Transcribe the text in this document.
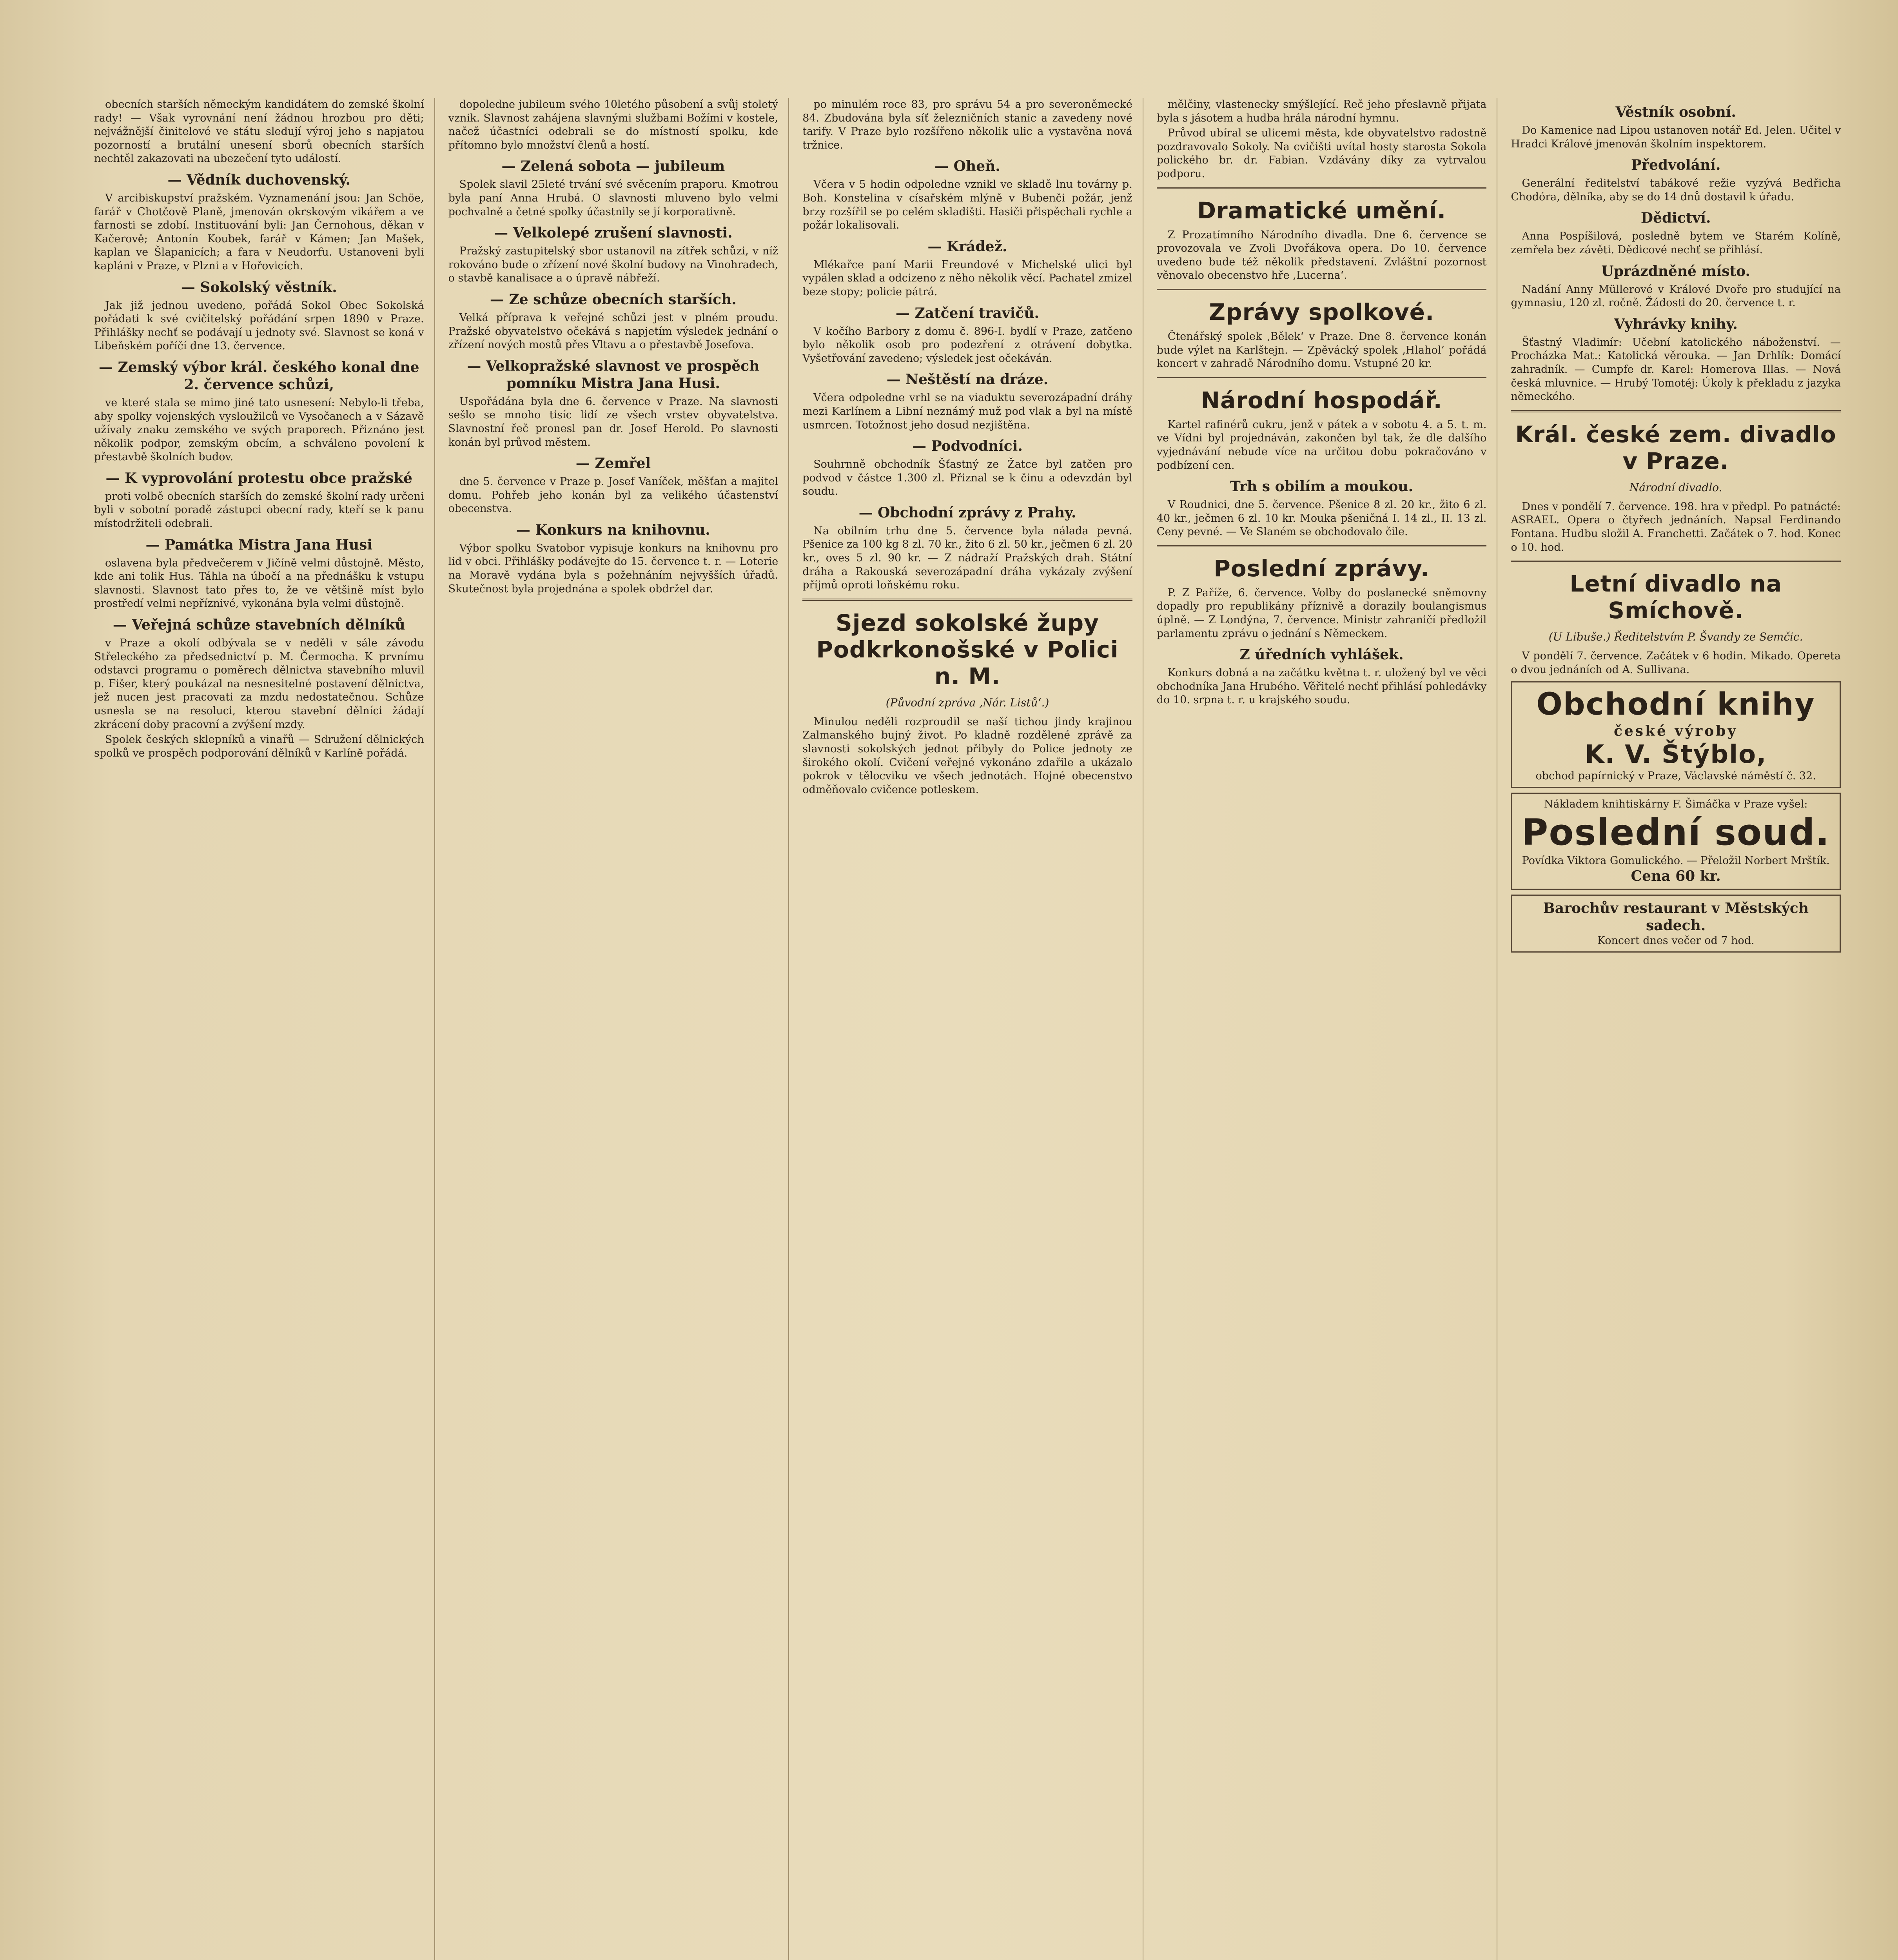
obecních starších německým kandidátem do zemské školní rady! — Však vyrovnání není žádnou hrozbou pro děti; nejvážnější činitelové ve státu sledují výroj jeho s napjatou pozorností a brutální unesení sborů obecních starších nechtěl zakazovati na ubezečení tyto událostí.

— Vědník duchovenský.

V arcibiskupství pražském. Vyznamenání jsou: Jan Schöe, farář v Chotčově Planě, jmenován okrskovým vikářem a ve farnosti se zdobí. Instituování byli: Jan Černohous, děkan v Kačerově; Antonín Koubek, farář v Kámen; Jan Mašek, kaplan ve Šlapanicích; a fara v Neudorfu. Ustanoveni byli kapláni v Praze, v Plzni a v Hořovicích.

— Sokolský věstník.

Jak již jednou uvedeno, pořádá Sokol Obec Sokolská pořádati k své cvičitelský pořádání srpen 1890 v Praze. Přihlášky nechť se podávají u jednoty své. Slavnost se koná v Libeňském poříčí dne 13. července.

— Zemský výbor král. českého konal dne 2. července schůzi,

ve které stala se mimo jiné tato usnesení: Nebylo-li třeba, aby spolky vojenských vysloužilců ve Vysočanech a v Sázavě užívaly znaku zemského ve svých praporech. Přiznáno jest několik podpor, zemským obcím, a schváleno povolení k přestavbě školních budov.

— K vyprovolání protestu obce pražské

proti volbě obecních starších do zemské školní rady určeni byli v sobotní poradě zástupci obecní rady, kteří se k panu místodržiteli odebrali.

— Památka Mistra Jana Husi

oslavena byla předvečerem v Jičíně velmi důstojně. Město, kde ani tolik Hus. Táhla na úbočí a na přednášku k vstupu slavnosti. Slavnost tato přes to, že ve většině míst bylo prostředí velmi nepříznivé, vykonána byla velmi důstojně.

— Veřejná schůze stavebních dělníků

v Praze a okolí odbývala se v neděli v sále závodu Střeleckého za předsednictví p. M. Čermocha. K prvnímu odstavci programu o poměrech dělnictva stavebního mluvil p. Fišer, který poukázal na nesnesitelné postavení dělnictva, jež nucen jest pracovati za mzdu nedostatečnou. Schůze usnesla se na resoluci, kterou stavební dělníci žádají zkrácení doby pracovní a zvýšení mzdy.

Spolek českých sklepníků a vinařů — Sdružení dělnických spolků ve prospěch podporování dělníků v Karlíně pořádá.

dopoledne jubileum svého 10letého působení a svůj stoletý vznik. Slavnost zahájena slavnými službami Božími v kostele, načež účastníci odebrali se do místností spolku, kde přítomno bylo množství členů a hostí.

— Zelená sobota — jubileum

Spolek slavil 25leté trvání své svěcením praporu. Kmotrou byla paní Anna Hrubá. O slavnosti mluveno bylo velmi pochvalně a četné spolky účastnily se jí korporativně.

— Velkolepé zrušení slavnosti.

Pražský zastupitelský sbor ustanovil na zítřek schůzi, v níž rokováno bude o zřízení nové školní budovy na Vinohradech, o stavbě kanalisace a o úpravě nábřeží.

— Ze schůze obecních starších.

Velká příprava k veřejné schůzi jest v plném proudu. Pražské obyvatelstvo očekává s napjetím výsledek jednání o zřízení nových mostů přes Vltavu a o přestavbě Josefova.

— Velkopražské slavnost ve prospěch pomníku Mistra Jana Husi.

Uspořádána byla dne 6. července v Praze. Na slavnosti sešlo se mnoho tisíc lidí ze všech vrstev obyvatelstva. Slavnostní řeč pronesl pan dr. Josef Herold. Po slavnosti konán byl průvod městem.

— Zemřel

dne 5. července v Praze p. Josef Vaníček, měšťan a majitel domu. Pohřeb jeho konán byl za velikého účastenství obecenstva.

— Konkurs na knihovnu.

Výbor spolku Svatobor vypisuje konkurs na knihovnu pro lid v obci. Přihlášky podávejte do 15. července t. r. — Loterie na Moravě vydána byla s požehnáním nejvyšších úřadů. Skutečnost byla projednána a spolek obdržel dar.

po minulém roce 83, pro správu 54 a pro severoněmecké 84. Zbudována byla síť železničních stanic a zavedeny nové tarify. V Praze bylo rozšířeno několik ulic a vystavěna nová tržnice.

— Oheň.

Včera v 5 hodin odpoledne vznikl ve skladě lnu továrny p. Boh. Konstelina v císařském mlýně v Bubenči požár, jenž brzy rozšířil se po celém skladišti. Hasiči přispěchali rychle a požár lokalisovali.

— Krádež.

Mlékařce paní Marii Freundové v Michelské ulici byl vypálen sklad a odcizeno z něho několik věcí. Pachatel zmizel beze stopy; policie pátrá.

— Zatčení travičů.

V kočího Barbory z domu č. 896-I. bydlí v Praze, zatčeno bylo několik osob pro podezření z otrávení dobytka. Vyšetřování zavedeno; výsledek jest očekáván.

— Neštěstí na dráze.

Včera odpoledne vrhl se na viaduktu severozápadní dráhy mezi Karlínem a Libní neznámý muž pod vlak a byl na místě usmrcen. Totožnost jeho dosud nezjištěna.

— Podvodníci.

Souhrnně obchodník Šťastný ze Žatce byl zatčen pro podvod v částce 1.300 zl. Přiznal se k činu a odevzdán byl soudu.

— Obchodní zprávy z Prahy.

Na obilním trhu dne 5. července byla nálada pevná. Pšenice za 100 kg 8 zl. 70 kr., žito 6 zl. 50 kr., ječmen 6 zl. 20 kr., oves 5 zl. 90 kr. — Z nádraží Pražských drah. Státní dráha a Rakouská severozápadní dráha vykázaly zvýšení příjmů oproti loňskému roku.

Sjezd sokolské župy Podkrkonošské v Polici n. M.
(Původní zpráva ‚Nár. Listů‘.)

Minulou neděli rozproudil se naší tichou jindy krajinou Zalmanského bujný život. Po kladně rozdělené zprávě za slavnosti sokolských jednot přibyly do Police jednoty ze širokého okolí. Cvičení veřejné vykonáno zdařile a ukázalo pokrok v tělocviku ve všech jednotách. Hojné obecenstvo odměňovalo cvičence potleskem.

mělčiny, vlastenecky smýšlející. Reč jeho přeslavně přijata byla s jásotem a hudba hrála národní hymnu.

Průvod ubíral se ulicemi města, kde obyvatelstvo radostně pozdravovalo Sokoly. Na cvičišti uvítal hosty starosta Sokola polického br. dr. Fabian. Vzdávány díky za vytrvalou podporu.

Dramatické umění.

Z Prozatímního Národního divadla. Dne 6. července se provozovala ve Zvoli Dvořákova opera. Do 10. července uvedeno bude též několik představení. Zvláštní pozornost věnovalo obecenstvo hře ‚Lucerna‘.

Zprávy spolkové.

Čtenářský spolek ‚Bělek‘ v Praze. Dne 8. července konán bude výlet na Karlštejn. — Zpěvácký spolek ‚Hlahol‘ pořádá koncert v zahradě Národního domu. Vstupné 20 kr.

Národní hospodář.

Kartel rafinérů cukru, jenž v pátek a v sobotu 4. a 5. t. m. ve Vídni byl projednáván, zakončen byl tak, že dle dalšího vyjednávání nebude více na určitou dobu pokračováno v podbízení cen.

Trh s obilím a moukou.

V Roudnici, dne 5. července. Pšenice 8 zl. 20 kr., žito 6 zl. 40 kr., ječmen 6 zl. 10 kr. Mouka pšeničná I. 14 zl., II. 13 zl. Ceny pevné. — Ve Slaném se obchodovalo čile.

Poslední zprávy.

P. Z Paříže, 6. července. Volby do poslanecké sněmovny dopadly pro republikány příznivě a dorazily boulangismus úplně. — Z Londýna, 7. července. Ministr zahraničí předložil parlamentu zprávu o jednání s Německem.

Z úředních vyhlášek.

Konkurs dobná a na začátku května t. r. uložený byl ve věci obchodníka Jana Hrubého. Věřitelé nechť přihlásí pohledávky do 10. srpna t. r. u krajského soudu.

Věstník osobní.

Do Kamenice nad Lipou ustanoven notář Ed. Jelen. Učitel v Hradci Králové jmenován školním inspektorem.

Předvolání.

Generální ředitelství tabákové režie vyzývá Bedřicha Chodóra, dělníka, aby se do 14 dnů dostavil k úřadu.

Dědictví.

Anna Pospíšilová, posledně bytem ve Starém Kolíně, zemřela bez závěti. Dědicové nechť se přihlásí.

Uprázdněné místo.

Nadání Anny Müllerové v Králové Dvoře pro studující na gymnasiu, 120 zl. ročně. Žádosti do 20. července t. r.

Vyhrávky knihy.

Šťastný Vladimír: Učební katolického náboženství. — Procházka Mat.: Katolická věrouka. — Jan Drhlík: Domácí zahradník. — Cumpfe dr. Karel: Homerova Illas. — Nová česká mluvnice. — Hrubý Tomotéj: Úkoly k překladu z jazyka německého.

Král. české zem. divadlo v Praze.
Národní divadlo.

Dnes v pondělí 7. července. 198. hra v předpl. Po patnácté: ASRAEL. Opera o čtyřech jednáních. Napsal Ferdinando Fontana. Hudbu složil A. Franchetti. Začátek o 7. hod. Konec o 10. hod.

Letní divadlo na Smíchově.
(U Libuše.) Ředitelstvím P. Švandy ze Semčic.

V pondělí 7. července. Začátek v 6 hodin. Mikado. Opereta o dvou jednáních od A. Sullivana.

Obchodní knihy
české výroby
K. V. Štýblo,
obchod papírnický v Praze, Václavské náměstí č. 32.
Nákladem knihtiskárny F. Šimáčka v Praze vyšel:
Poslední soud.
Povídka Viktora Gomulického. — Přeložil Norbert Mrštík.
Cena 60 kr.
Barochův restaurant v Městských sadech.
Koncert dnes večer od 7 hod.
